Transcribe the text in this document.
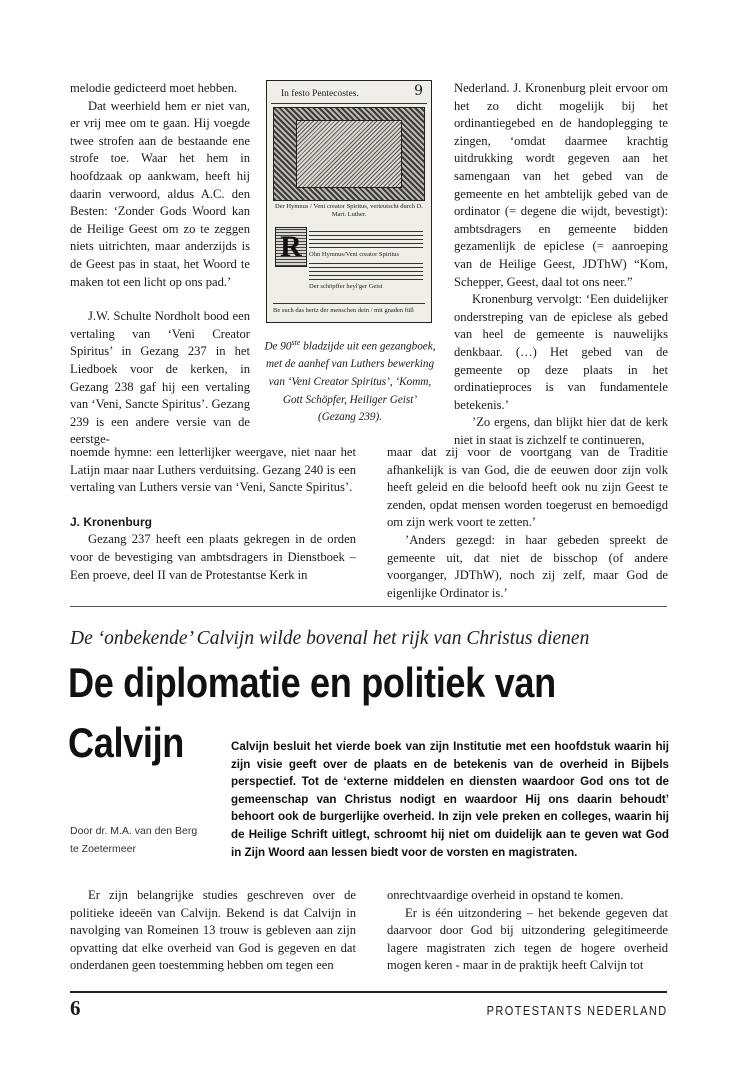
melodie gedicteerd moet hebben.

Dat weerhield hem er niet van, er vrij mee om te gaan. Hij voegde twee strofen aan de bestaande ene strofe toe. Waar het hem in hoofdzaak op aankwam, heeft hij daarin verwoord, aldus A.C. den Besten: ‘Zonder Gods Woord kan de Heilige Geest om zo te zeggen niets uitrichten, maar anderzijds is de Geest pas in staat, het Woord te maken tot een licht op ons pad.’

J.W. Schulte Nordholt bood een vertaling van ‘Veni Creator Spiritus’ in Gezang 237 in het Liedboek voor de kerken, in Gezang 238 gaf hij een vertaling van ‘Veni, Sancte Spiritus’. Gezang 239 is een andere versie van de eerstge-

noemde hymne: een letterlijker weergave, niet naar het Latijn maar naar Luthers verduitsing. Gezang 240 is een vertaling van Luthers versie van ‘Veni, Sancte Spiritus’.

J. Kronenburg

Gezang 237 heeft een plaats gekregen in de orden voor de bevestiging van ambtsdragers in Dienstboek – Een proeve, deel II van de Protestantse Kerk in

In festo Pentecostes.	9
Der Hymnus / Veni creator Spiritus, verteutscht durch D. Mart. Luther.
R	Ohn Hymnus/Veni creator Spiritus
Der schöpffer heyl'ger Geist
Be such das hertz der menschen dein / mit gnaden füll
De 90ste bladzijde uit een gezangboek, met de aanhef van Luthers bewerking van ‘Veni Creator Spiritus’, ‘Komm, Gott Schöpfer, Heiliger Geist’ (Gezang 239).

Nederland. J. Kronenburg pleit ervoor om het zo dicht mogelijk bij het ordinantiegebed en de handoplegging te zingen, ‘omdat daarmee krachtig uitdrukking wordt gegeven aan het samengaan van het gebed van de gemeente en het ambtelijk gebed van de ordinator (= degene die wijdt, bevestigt): ambtsdragers en gemeente bidden gezamenlijk de epiclese (= aanroeping van de Heilige Geest, JDThW) “Kom, Schepper, Geest, daal tot ons neer.”

Kronenburg vervolgt: ‘Een duidelijker onderstreping van de epiclese als gebed van heel de gemeente is nauwelijks denkbaar. (…) Het gebed van de gemeente op deze plaats in het ordinatieproces is van fundamentele betekenis.’

’Zo ergens, dan blijkt hier dat de kerk niet in staat is zichzelf te continueren,

maar dat zij voor de voortgang van de Traditie afhankelijk is van God, die de eeuwen door zijn volk heeft geleid en die beloofd heeft ook nu zijn Geest te zenden, opdat mensen worden toegerust en bemoedigd om zijn werk voort te zetten.’

’Anders gezegd: in haar gebeden spreekt de gemeente uit, dat niet de bisschop (of andere voorganger, JDThW), noch zij zelf, maar God de eigenlijke Ordinator is.’

De ‘onbekende’ Calvijn wilde bovenal het rijk van Christus dienen
De diplomatie en politiek van Calvijn	Calvijn besluit het vierde boek van zijn Institutie met een hoofdstuk waarin hij zijn visie geeft over de plaats en de betekenis van de overheid in Bijbels perspectief. Tot de ‘externe middelen en diensten waardoor God ons tot de gemeenschap van Christus nodigt en waardoor Hij ons daarin behoudt’ behoort ook de burgerlijke overheid. In zijn vele preken en colleges, waarin hij de Heilige Schrift uitlegt, schroomt hij niet om duidelijk aan te geven wat God in Zijn Woord aan lessen biedt voor de vorsten en magistraten.
Door dr. M.A. van den Berg
te Zoetermeer

Er zijn belangrijke studies geschreven over de politieke ideeën van Calvijn. Bekend is dat Calvijn in navolging van Romeinen 13 trouw is gebleven aan zijn opvatting dat elke overheid van God is gegeven en dat onderdanen geen toestemming hebben om tegen een

onrechtvaardige overheid in opstand te komen.

Er is één uitzondering – het bekende gegeven dat daarvoor door God bij uitzondering gelegitimeerde lagere magistraten zich tegen de hogere overheid mogen keren - maar in de praktijk heeft Calvijn tot

6	PROTESTANTS NEDERLAND
